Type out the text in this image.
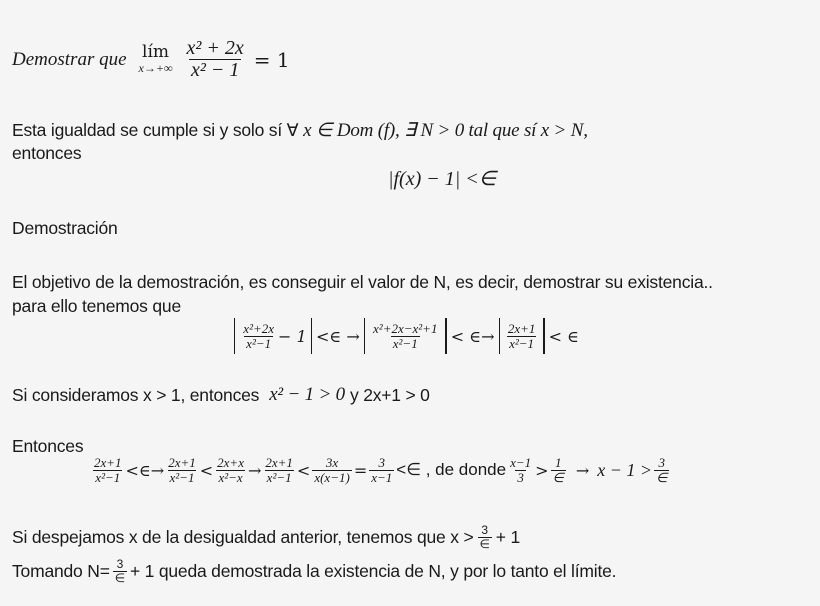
Demostrar que lím
$x\to+\infty \frac{\text{x² + 2x}}{\text{x² − 1}} = 1$
Esta igualdad se cumple si y solo sí ∀ x ∈ Dom (f), ∃ N > 0 tal que sí x > N,
entonces
|f(x) − 1| <∈
Demostración
El objetivo de la demostración, es conseguir el valor de N, es decir, demostrar su existencia..
para ello tenemos que
$\frac{\text{x²+2x}}{\text{x²−1}} - 1$ <∈ → $\frac{\text{x²+2x−x²+1}}{\text{x²−1}}$ < ∈→ $\frac{2x+1}{\text{x²−1}}$ < ∈
Si consideramos x > 1, entonces x² − 1 > 0 y 2x+1 > 0
Entonces
$\frac{2x+1}{\text{x²−1}}$ <∈→ $\frac{2x+1}{\text{x²−1}} < \frac{2x+x}{\text{x²−x}} \to \frac{2x+1}{\text{x²−1}} < \frac{3x}{x(x-1)} = \frac{3}{x-1}$ <∈ , de donde $\frac{x-1}{3} > \frac{1}{\in} \to x - 1 > \frac{3}{\in}$
Si despejamos x de la desigualdad anterior, tenemos que $x > \frac{3}{\in} + 1$
Tomando $N= \frac{3}{\in} + 1$ queda demostrada la existencia de N, y por lo tanto el límite.
